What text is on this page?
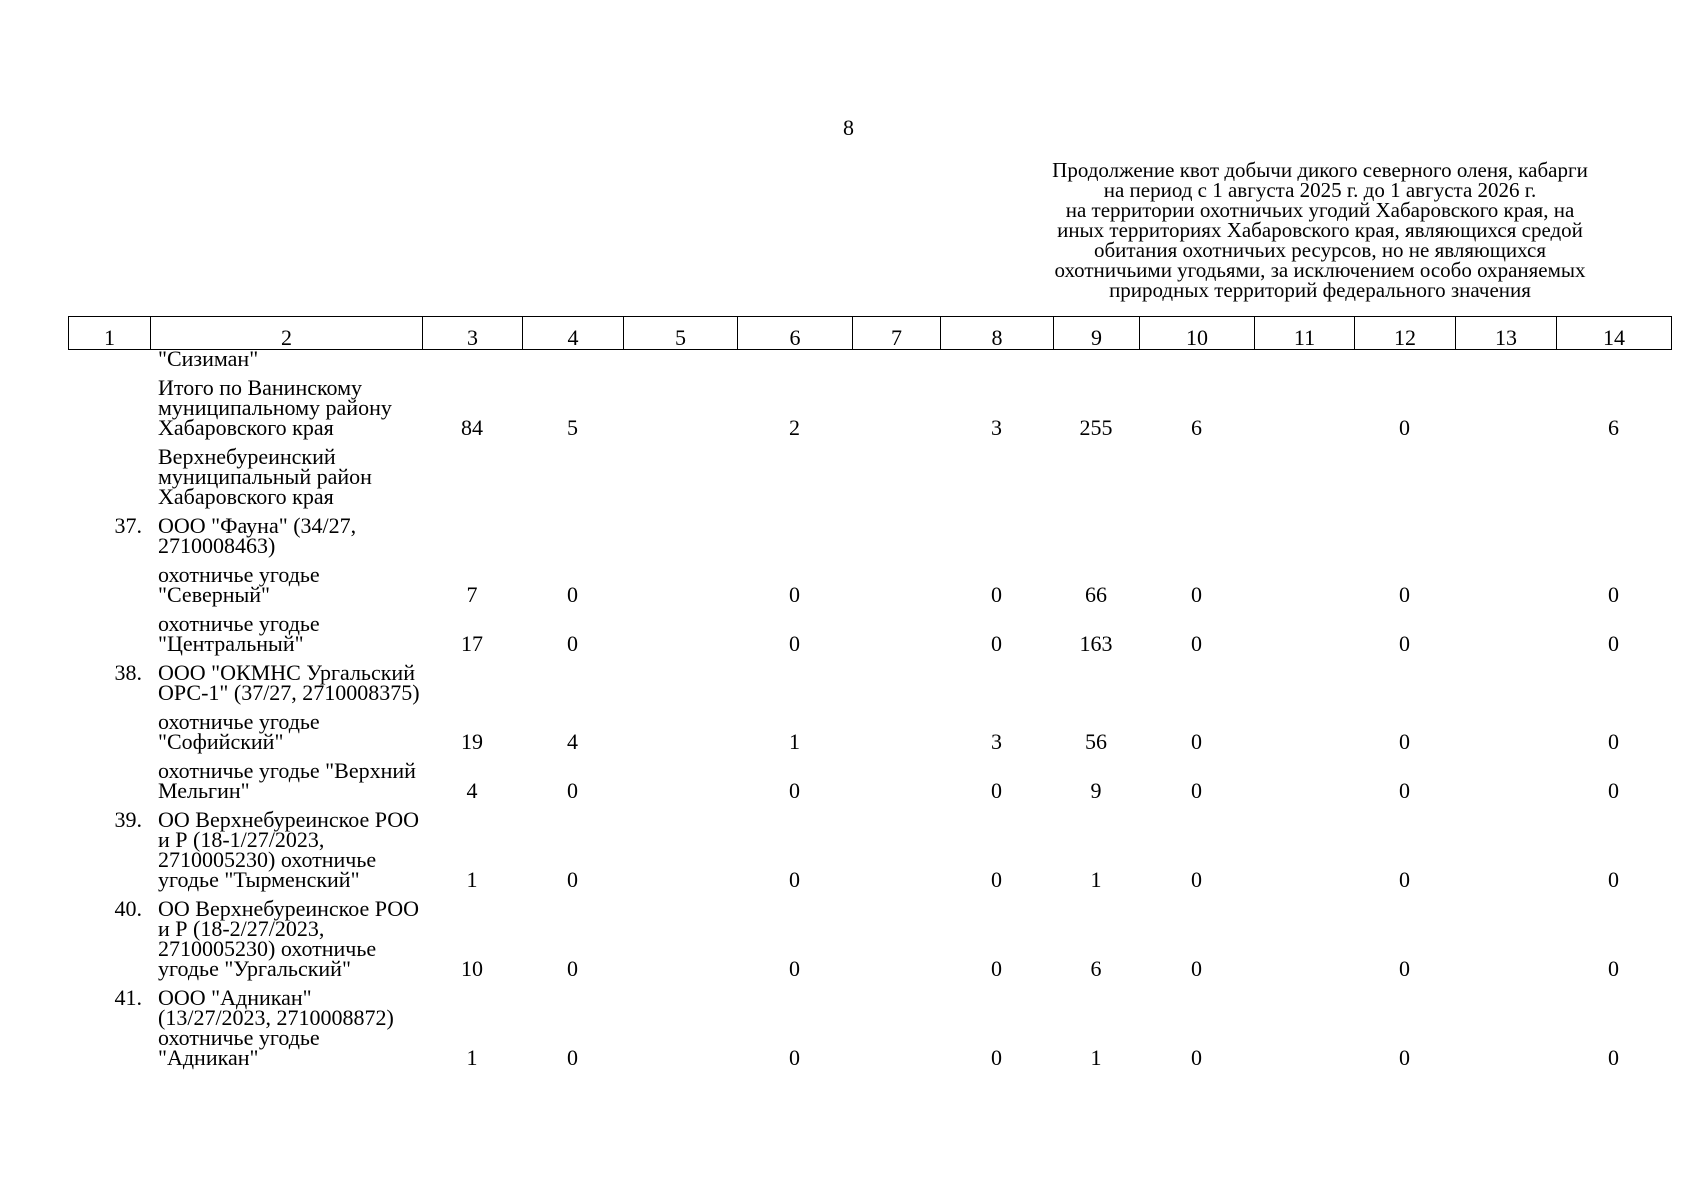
8
Продолжение квот добычи дикого северного оленя, кабарги
на период с 1 августа 2025 г. до 1 августа 2026 г.
на территории охотничьих угодий Хабаровского края, на
иных территориях Хабаровского края, являющихся средой
обитания охотничьих ресурсов, но не являющихся
охотничьими угодьями, за исключением особо охраняемых
природных территорий федерального значения
1	2	3	4	5	6	7	8	9	10	11	12	13	14
	"Сизиман"												
	Итого по Ванинскому муниципальному району Хабаровского края	84	5		2		3	255	6		0		6
	Верхнебуреинский муниципальный район Хабаровского края												
37.	ООО "Фауна" (34/27, 2710008463)												
	охотничье угодье "Северный"	7	0		0		0	66	0		0		0
	охотничье угодье "Центральный"	17	0		0		0	163	0		0		0
38.	ООО "ОКМНС Ургальский ОРС-1" (37/27, 2710008375)												
	охотничье угодье "Софийский"	19	4		1		3	56	0		0		0
	охотничье угодье "Верхний Мельгин"	4	0		0		0	9	0		0		0
39.	ОО Верхнебуреинское РОО и Р (18-1/27/2023, 2710005230) охотничье угодье "Тырменский"	1	0		0		0	1	0		0		0
40.	ОО Верхнебуреинское РОО и Р (18-2/27/2023, 2710005230) охотничье угодье "Ургальский"	10	0		0		0	6	0		0		0
41.	ООО "Адникан" (13/27/2023, 2710008872) охотничье угодье "Адникан"	1	0		0		0	1	0		0		0
